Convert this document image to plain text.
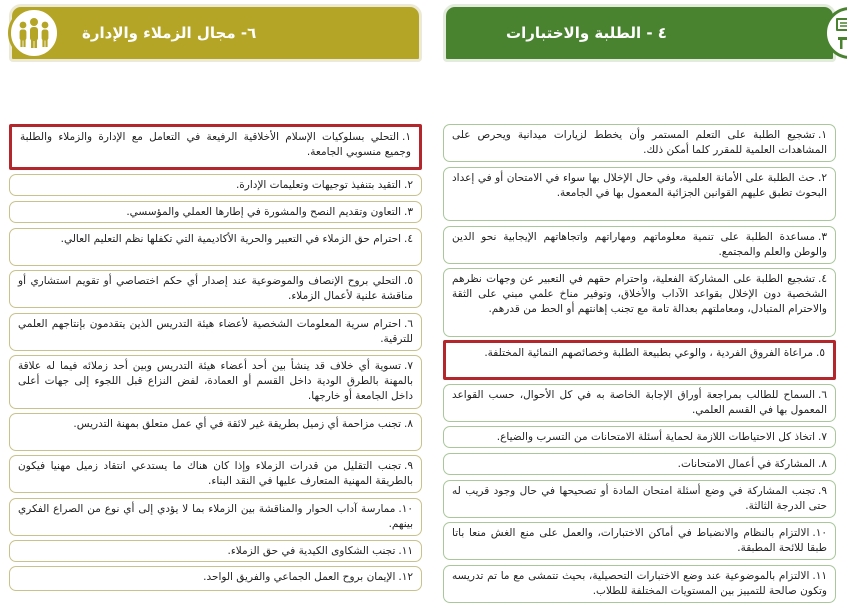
٦- مجال الزملاء والإدارة
١.التحلي بسلوكيات الإسلام الأخلاقية الرفيعة في التعامل مع الإدارة والزملاء والطلبة وجميع منسوبي الجامعة.
٢.التقيد بتنفيذ توجيهات وتعليمات الإدارة.
٣.التعاون وتقديم النصح والمشورة في إطارها العملي والمؤسسي.
٤.احترام حق الزملاء في التعبير والحرية الأكاديمية التي تكفلها نظم التعليم العالي.
٥.التحلي بروح الإنصاف والموضوعية عند إصدار أي حكم اختصاصي أو تقويم استشاري أو مناقشة علنية لأعمال الزملاء.
٦.احترام سرية المعلومات الشخصية لأعضاء هيئة التدريس الذين يتقدمون بإنتاجهم العلمي للترقية.
٧.تسوية أي خلاف قد ينشأ بين أحد أعضاء هيئة التدريس وبين أحد زملائه فيما له علاقة بالمهنة بالطرق الودية داخل القسم أو العمادة، لفض النزاع قبل اللجوء إلى جهات أعلى داخل الجامعة أو خارجها.
٨.تجنب مزاحمة أي زميل بطريقة غير لائقة في أي عمل متعلق بمهنة التدريس.
٩.تجنب التقليل من قدرات الزملاء وإذا كان هناك ما يستدعي انتقاد زميل مهنيا فيكون بالطريقة المهنية المتعارف عليها في النقد البناء.
١٠.ممارسة آداب الحوار والمناقشة بين الزملاء بما لا يؤدي إلى أي نوع من الصراع الفكري بينهم.
١١.تجنب الشكاوى الكيدية في حق الزملاء.
١٢.الإيمان بروح العمل الجماعي والفريق الواحد.
٤ - الطلبة والاختبارات
١.تشجيع الطلبة على التعلم المستمر وأن يخطط لزيارات ميدانية ويحرص على المشاهدات العلمية للمقرر كلما أمكن ذلك.
٢.حث الطلبة على الأمانة العلمية، وفي حال الإخلال بها سواء في الامتحان أو في إعداد البحوث تطبق عليهم القوانين الجزائية المعمول بها في الجامعة.
٣.مساعدة الطلبة على تنمية معلوماتهم ومهاراتهم واتجاهاتهم الإيجابية نحو الدين والوطن والعلم والمجتمع.
٤.تشجيع الطلبة على المشاركة الفعلية، واحترام حقهم في التعبير عن وجهات نظرهم الشخصية دون الإخلال بقواعد الآداب والأخلاق، وتوفير مناخ علمي مبني على الثقة والاحترام المتبادل، ومعاملتهم بعدالة تامة مع تجنب إهانتهم أو الحط من قدرهم.
٥.مراعاة الفروق الفردية ، والوعي بطبيعة الطلبة وخصائصهم النمائية المختلفة.
٦.السماح للطالب بمراجعة أوراق الإجابة الخاصة به في كل الأحوال، حسب القواعد المعمول بها في القسم العلمي.
٧.اتخاذ كل الاحتياطات اللازمة لحماية أسئلة الامتحانات من التسرب والضياع.
٨.المشاركة في أعمال الامتحانات.
٩.تجنب المشاركة في وضع أسئلة امتحان المادة أو تصحيحها في حال وجود قريب له حتى الدرجة الثالثة.
١٠.الالتزام بالنظام والانضباط في أماكن الاختبارات، والعمل على منع الغش منعا باتا طبقا للائحة المطبقة.
١١.الالتزام بالموضوعية عند وضع الاختبارات التحصيلية، بحيث تتمشى مع ما تم تدريسه وتكون صالحة للتمييز بين المستويات المختلفة للطلاب.
